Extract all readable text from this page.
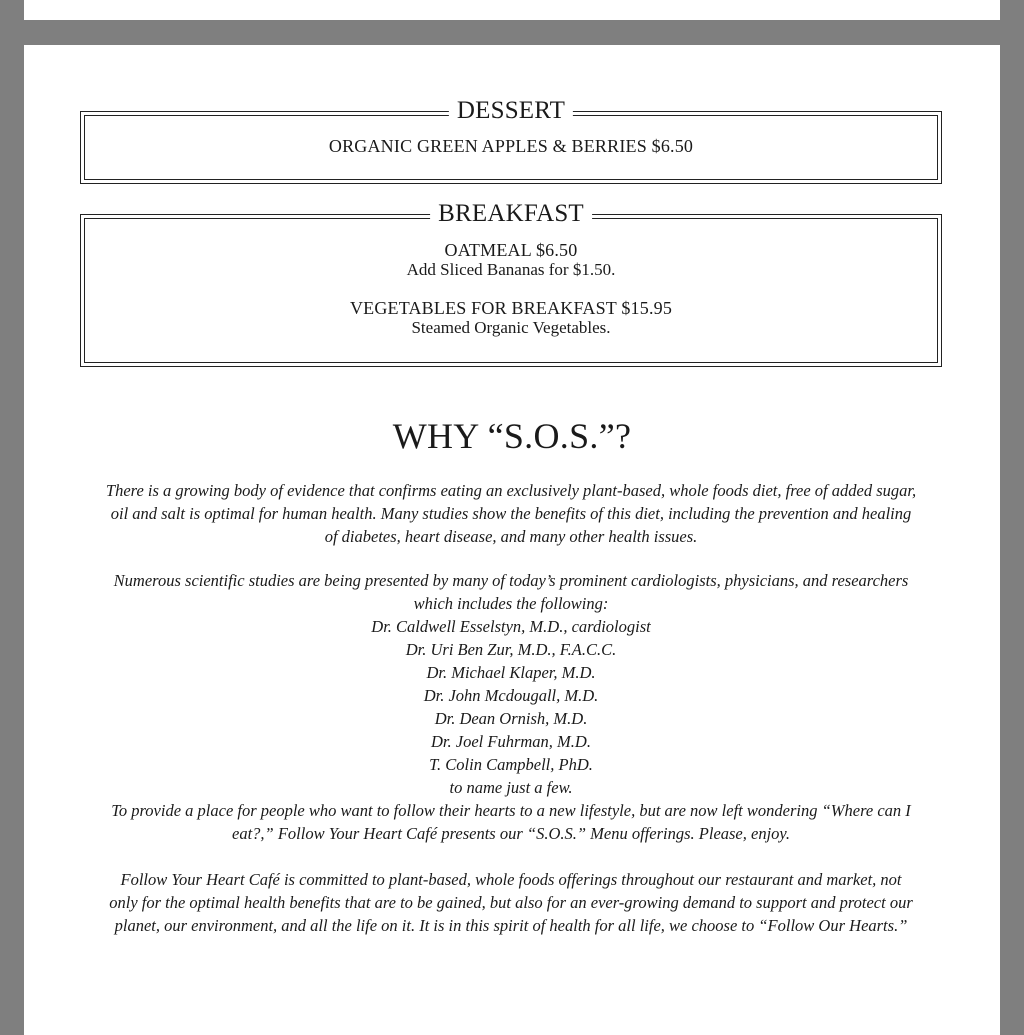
DESSERT
ORGANIC GREEN APPLES & BERRIES $6.50
BREAKFAST
OATMEAL $6.50
Add Sliced Bananas for $1.50.
VEGETABLES FOR BREAKFAST $15.95
Steamed Organic Vegetables.
WHY “S.O.S.”?
There is a growing body of evidence that confirms eating an exclusively plant-based, whole foods diet, free of added sugar,
oil and salt is optimal for human health. Many studies show the benefits of this diet, including the prevention and healing
of diabetes, heart disease, and many other health issues.
Numerous scientific studies are being presented by many of today’s prominent cardiologists, physicians, and researchers
which includes the following:
Dr. Caldwell Esselstyn, M.D., cardiologist
Dr. Uri Ben Zur, M.D., F.A.C.C.
Dr. Michael Klaper, M.D.
Dr. John Mcdougall, M.D.
Dr. Dean Ornish, M.D.
Dr. Joel Fuhrman, M.D.
T. Colin Campbell, PhD.
to name just a few.
To provide a place for people who want to follow their hearts to a new lifestyle, but are now left wondering “Where can I
eat?,” Follow Your Heart Café presents our “S.O.S.” Menu offerings. Please, enjoy.
Follow Your Heart Café is committed to plant-based, whole foods offerings throughout our restaurant and market, not
only for the optimal health benefits that are to be gained, but also for an ever-growing demand to support and protect our
planet, our environment, and all the life on it. It is in this spirit of health for all life, we choose to “Follow Our Hearts.”
